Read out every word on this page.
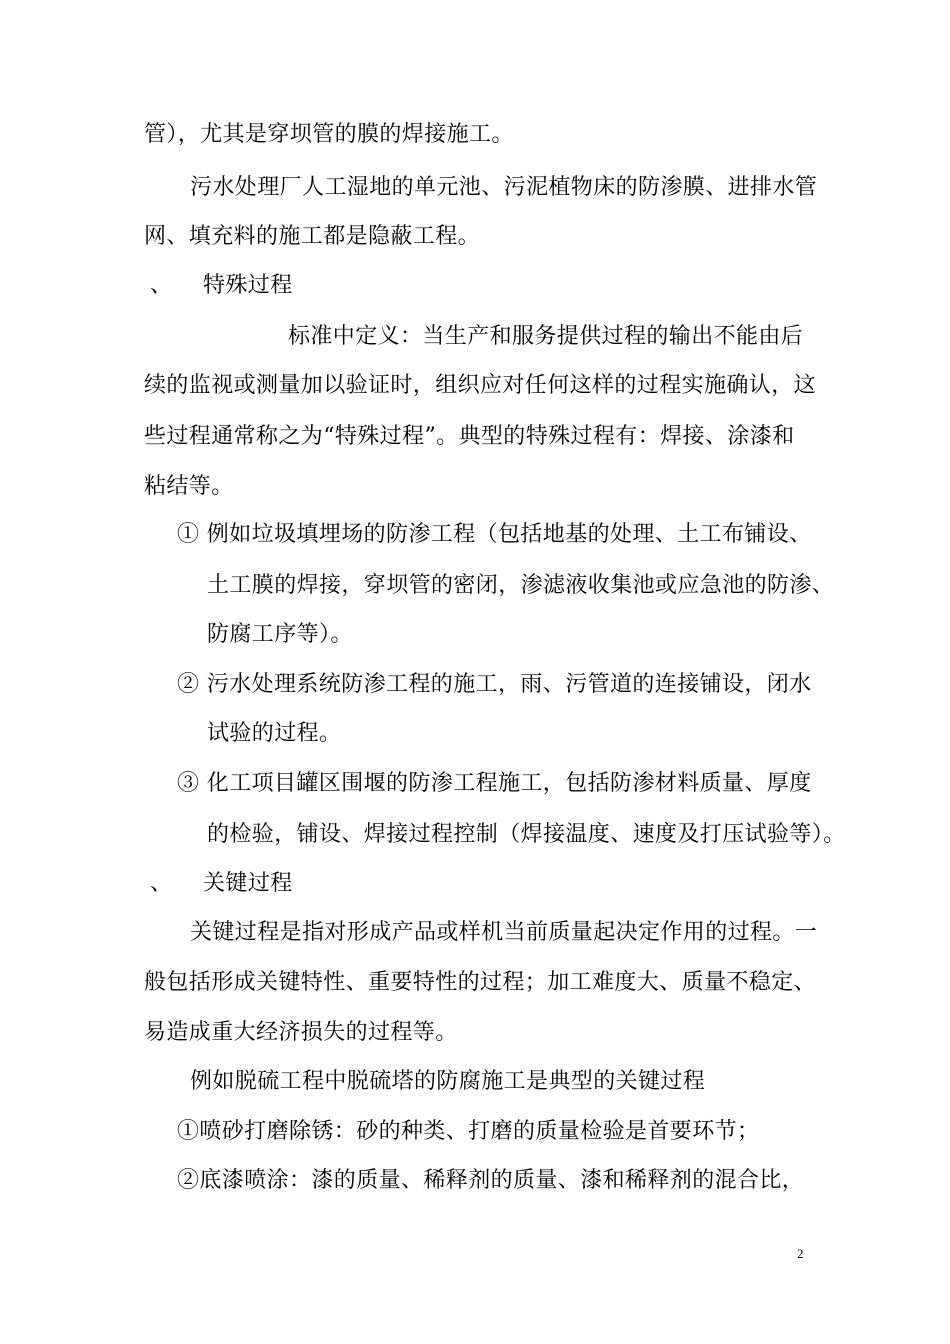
管），尤其是穿坝管的膜的焊接施工。
污水处理厂人工湿地的单元池、污泥植物床的防渗膜、进排水管
网、填充料的施工都是隐蔽工程。
、 特殊过程
标准中定义：当生产和服务提供过程的输出不能由后
续的监视或测量加以验证时，组织应对任何这样的过程实施确认，这
些过程通常称之为“特殊过程”。典型的特殊过程有：焊接、涂漆和
粘结等。
① 例如垃圾填埋场的防渗工程（包括地基的处理、土工布铺设、
土工膜的焊接，穿坝管的密闭，渗滤液收集池或应急池的防渗、
防腐工序等）。
② 污水处理系统防渗工程的施工，雨、污管道的连接铺设，闭水
试验的过程。
③ 化工项目罐区围堰的防渗工程施工，包括防渗材料质量、厚度
的检验，铺设、焊接过程控制（焊接温度、速度及打压试验等）。
、 关键过程
关键过程是指对形成产品或样机当前质量起决定作用的过程。一
般包括形成关键特性、重要特性的过程；加工难度大、质量不稳定、
易造成重大经济损失的过程等。
例如脱硫工程中脱硫塔的防腐施工是典型的关键过程
①喷砂打磨除锈：砂的种类、打磨的质量检验是首要环节；
②底漆喷涂：漆的质量、稀释剂的质量、漆和稀释剂的混合比，
2
